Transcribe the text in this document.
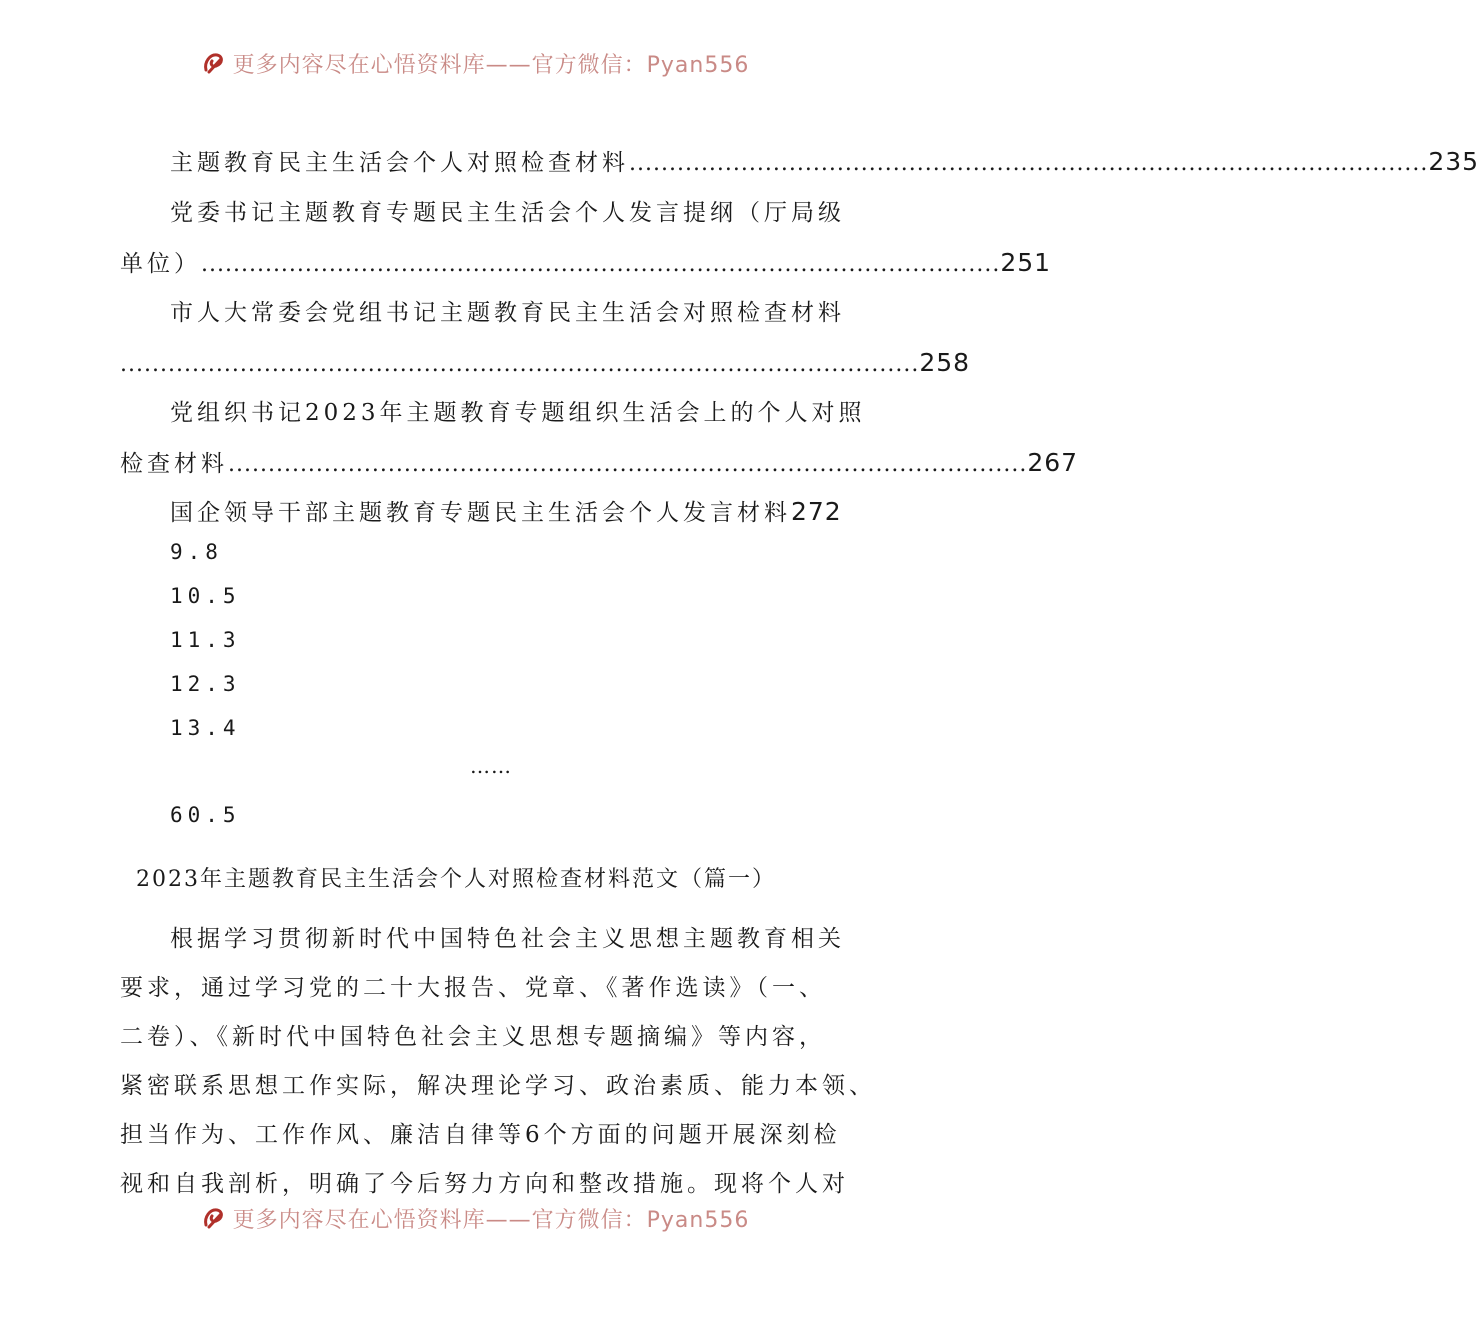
更多内容尽在心悟资料库——官方微信：Pyan556
主题教育民主生活会个人对照检查材料 .................................................................................................... 235
党委书记主题教育专题民主生活会个人发言提纲（厅局级
单位） .................................................................................................... 251
市人大常委会党组书记主题教育民主生活会对照检查材料
.................................................................................................... 258
党组织书记2023年主题教育专题组织生活会上的个人对照
检查材料 .................................................................................................... 267
国企领导干部主题教育专题民主生活会个人发言材料 272
9.8
10.5
11.3
12.3
13.4
……
60.5
2023年主题教育民主生活会个人对照检查材料范文（篇一）
根据学习贯彻新时代中国特色社会主义思想主题教育相关
要求，通过学习党的二十大报告、党章、《著作选读》（一、
二卷）、《新时代中国特色社会主义思想专题摘编》等内容，
紧密联系思想工作实际，解决理论学习、政治素质、能力本领、
担当作为、工作作风、廉洁自律等6个方面的问题开展深刻检
视和自我剖析，明确了今后努力方向和整改措施。现将个人对
更多内容尽在心悟资料库——官方微信：Pyan556
